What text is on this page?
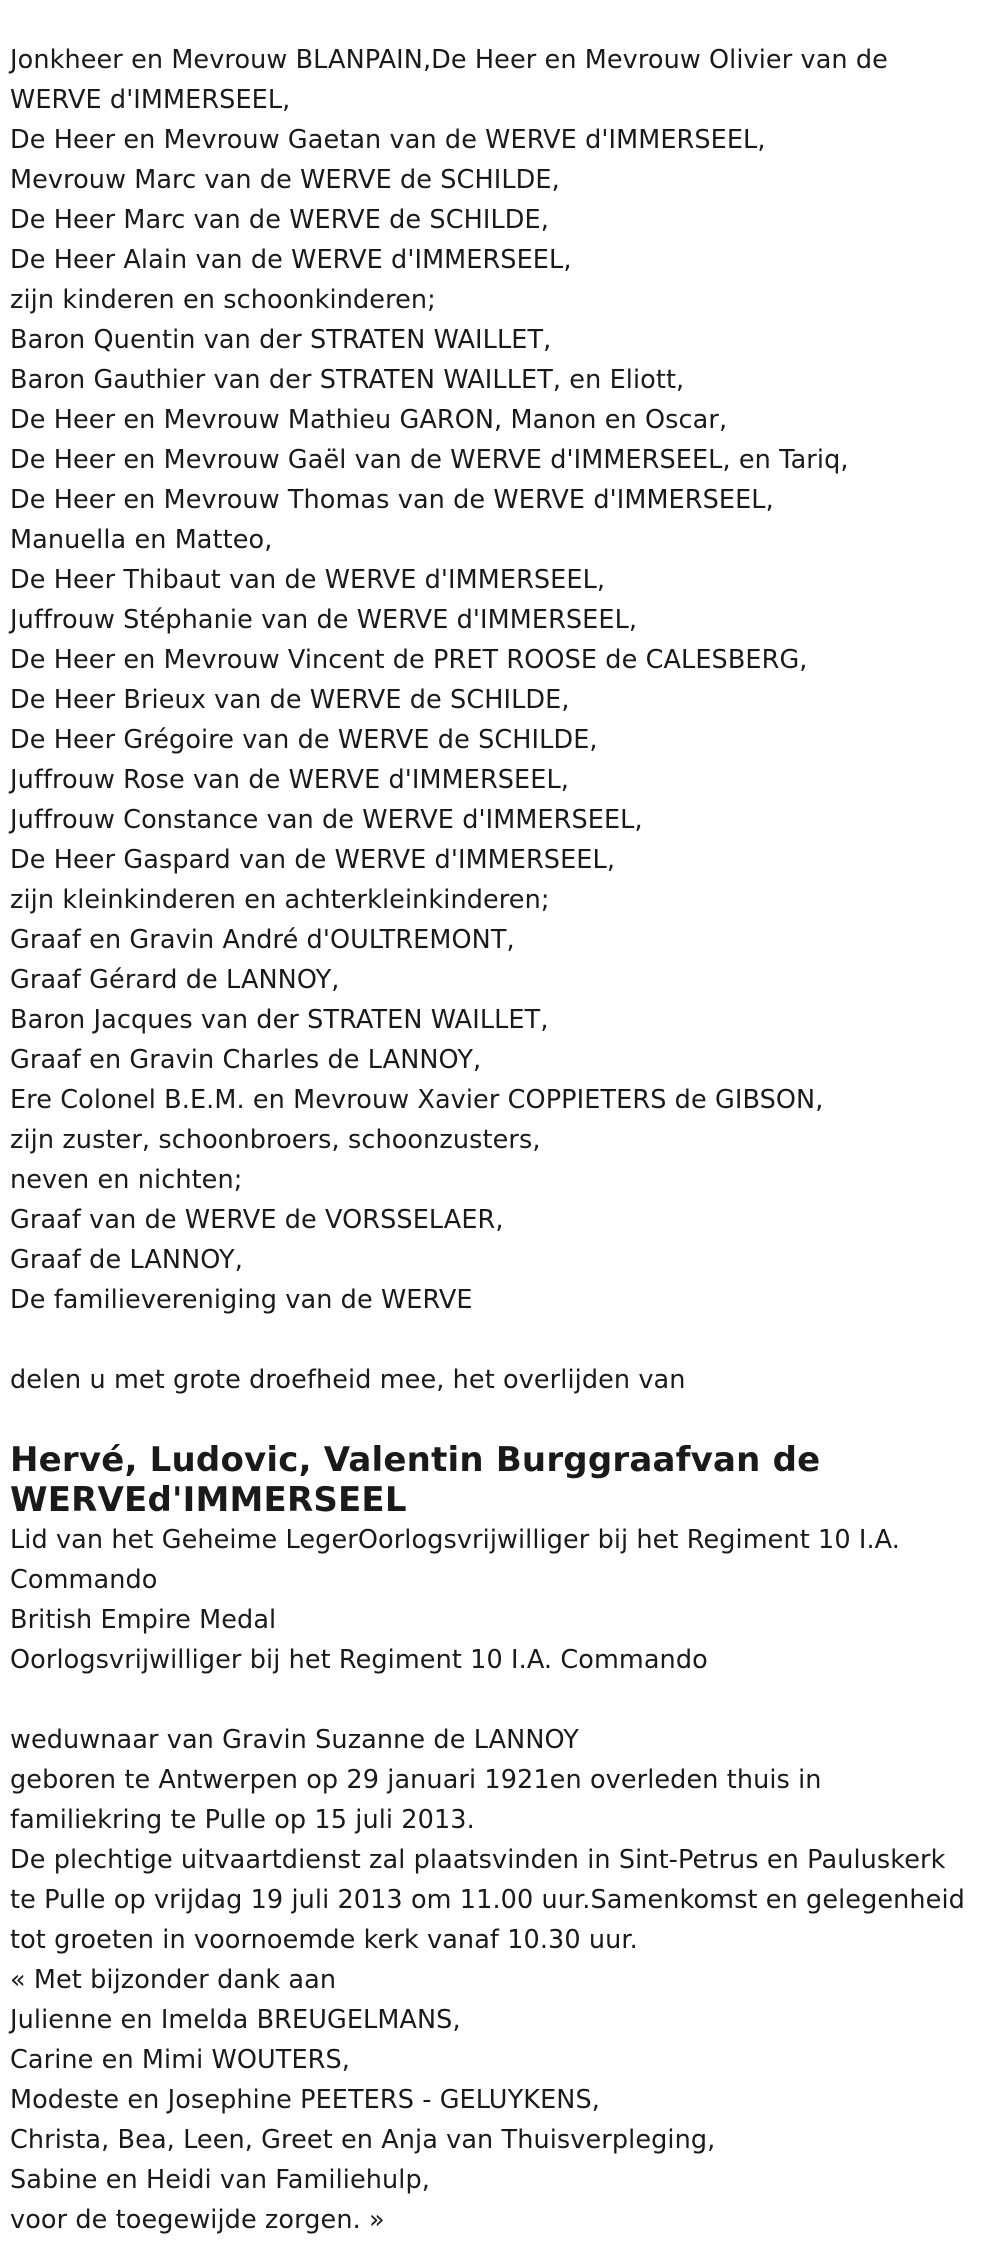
Jonkheer en Mevrouw BLANPAIN,De Heer en Mevrouw Olivier van de
WERVE d'IMMERSEEL,
De Heer en Mevrouw Gaetan van de WERVE d'IMMERSEEL,
Mevrouw Marc van de WERVE de SCHILDE,
De Heer Marc van de WERVE de SCHILDE,
De Heer Alain van de WERVE d'IMMERSEEL,
zijn kinderen en schoonkinderen;
Baron Quentin van der STRATEN WAILLET,
Baron Gauthier van der STRATEN WAILLET, en Eliott,
De Heer en Mevrouw Mathieu GARON, Manon en Oscar,
De Heer en Mevrouw Gaël van de WERVE d'IMMERSEEL, en Tariq,
De Heer en Mevrouw Thomas van de WERVE d'IMMERSEEL,
Manuella en Matteo,
De Heer Thibaut van de WERVE d'IMMERSEEL,
Juffrouw Stéphanie van de WERVE d'IMMERSEEL,
De Heer en Mevrouw Vincent de PRET ROOSE de CALESBERG,
De Heer Brieux van de WERVE de SCHILDE,
De Heer Grégoire van de WERVE de SCHILDE,
Juffrouw Rose van de WERVE d'IMMERSEEL,
Juffrouw Constance van de WERVE d'IMMERSEEL,
De Heer Gaspard van de WERVE d'IMMERSEEL,
zijn kleinkinderen en achterkleinkinderen;
Graaf en Gravin André d'OULTREMONT,
Graaf Gérard de LANNOY,
Baron Jacques van der STRATEN WAILLET,
Graaf en Gravin Charles de LANNOY,
Ere Colonel B.E.M. en Mevrouw Xavier COPPIETERS de GIBSON,
zijn zuster, schoonbroers, schoonzusters,
neven en nichten;
Graaf van de WERVE de VORSSELAER,
Graaf de LANNOY,
De familievereniging van de WERVE
delen u met grote droefheid mee, het overlijden van
Hervé, Ludovic, Valentin Burggraafvan de
WERVEd'IMMERSEEL
Lid van het Geheime LegerOorlogsvrijwilliger bij het Regiment 10 I.A.
Commando
British Empire Medal
Oorlogsvrijwilliger bij het Regiment 10 I.A. Commando
weduwnaar van Gravin Suzanne de LANNOY
geboren te Antwerpen op 29 januari 1921en overleden thuis in
familiekring te Pulle op 15 juli 2013.
De plechtige uitvaartdienst zal plaatsvinden in Sint-Petrus en Pauluskerk
te Pulle op vrijdag 19 juli 2013 om 11.00 uur.Samenkomst en gelegenheid
tot groeten in voornoemde kerk vanaf 10.30 uur.
« Met bijzonder dank aan
Julienne en Imelda BREUGELMANS,
Carine en Mimi WOUTERS,
Modeste en Josephine PEETERS - GELUYKENS,
Christa, Bea, Leen, Greet en Anja van Thuisverpleging,
Sabine en Heidi van Familiehulp,
voor de toegewijde zorgen. »
